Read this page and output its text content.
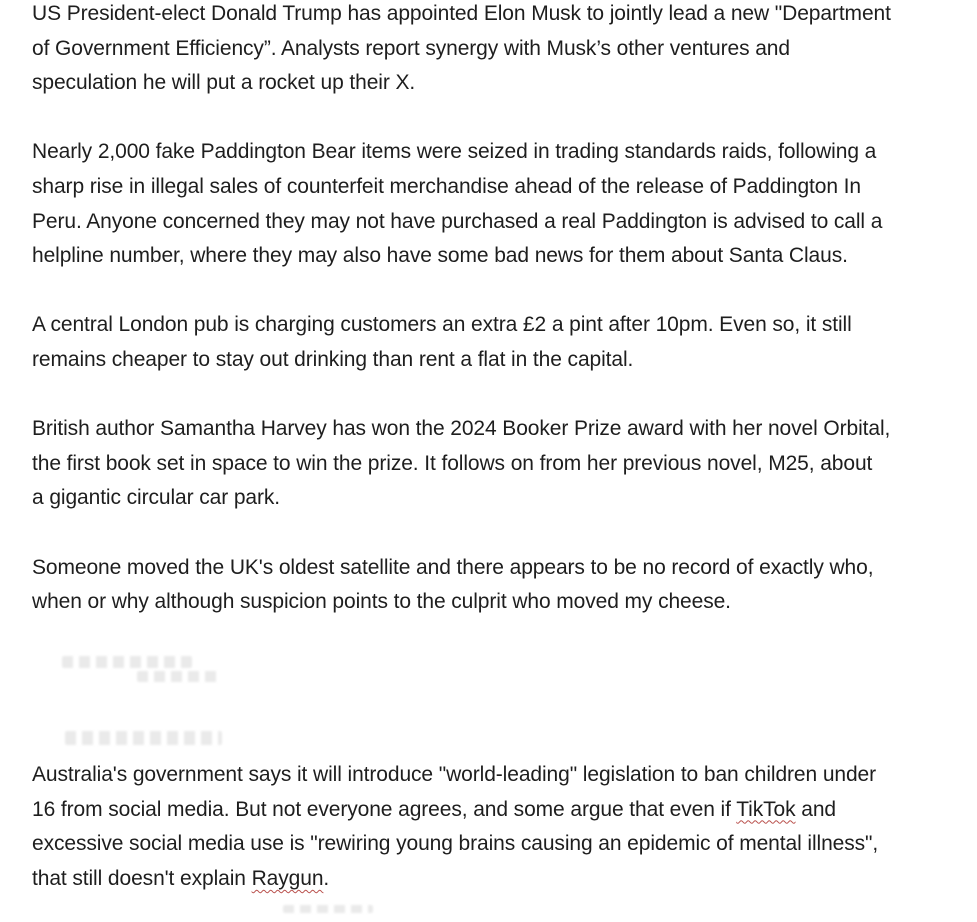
US President-elect Donald Trump has appointed Elon Musk to jointly lead a new "Department
of Government Efficiency”. Analysts report synergy with Musk’s other ventures and
speculation he will put a rocket up their X.

Nearly 2,000 fake Paddington Bear items were seized in trading standards raids, following a
sharp rise in illegal sales of counterfeit merchandise ahead of the release of Paddington In
Peru. Anyone concerned they may not have purchased a real Paddington is advised to call a
helpline number, where they may also have some bad news for them about Santa Claus.

A central London pub is charging customers an extra £2 a pint after 10pm. Even so, it still
remains cheaper to stay out drinking than rent a flat in the capital.

British author Samantha Harvey has won the 2024 Booker Prize award with her novel Orbital,
the first book set in space to win the prize. It follows on from her previous novel, M25, about
a gigantic circular car park.

Someone moved the UK's oldest satellite and there appears to be no record of exactly who,
when or why although suspicion points to the culprit who moved my cheese.

Australia's government says it will introduce "world-leading" legislation to ban children under
16 from social media. But not everyone agrees, and some argue that even if TikTok and
excessive social media use is "rewiring young brains causing an epidemic of mental illness",
that still doesn't explain Raygun.
